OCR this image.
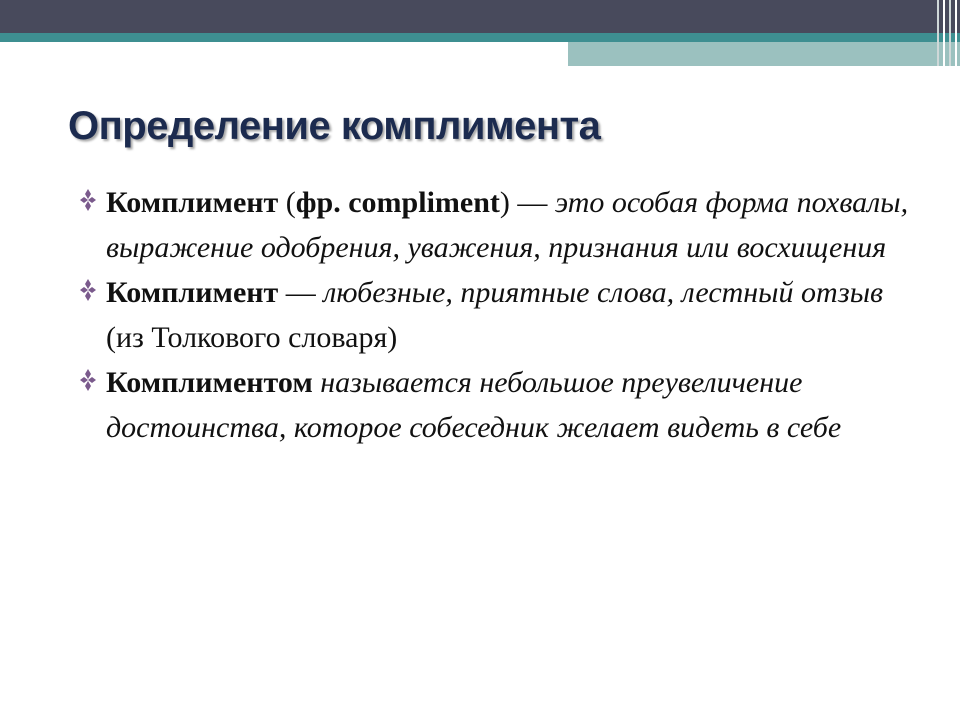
Определение комплимента
Комплимент (фр. compliment) — это особая форма похвалы, выражение одобрения, уважения, признания или восхищения
Комплимент — любезные, приятные слова, лестный отзыв (из Толкового словаря)
Комплиментом называется небольшое преувеличение достоинства, которое собеседник желает видеть в себе
